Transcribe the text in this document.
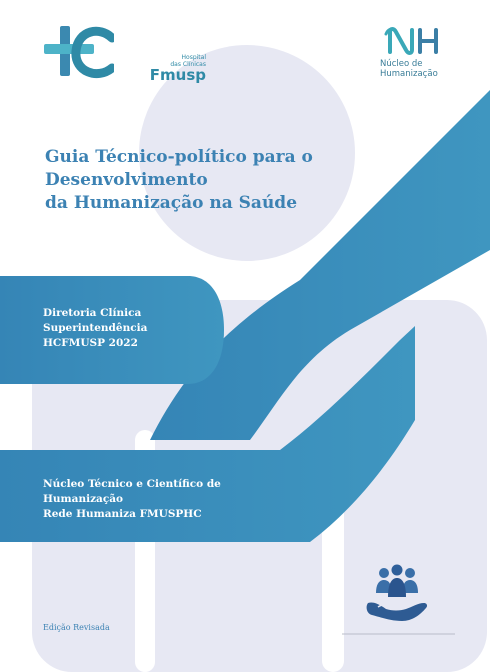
Hospital
das Clínicas
Fmusp
Núcleo de
Humanização
Guia Técnico-político para o
Desenvolvimento
da Humanização na Saúde
Diretoria Clínica
Superintendência
HCFMUSP 2022
Núcleo Técnico e Científico de
Humanização
Rede Humaniza FMUSPHC
Edição Revisada
